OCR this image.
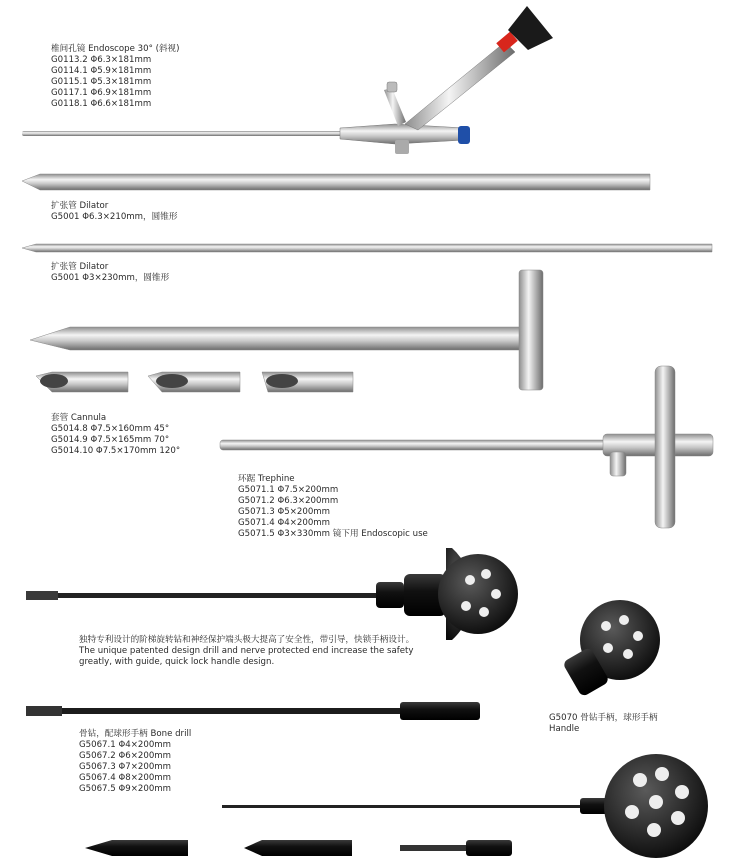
椎间孔镜 Endoscope 30° (斜视)
G0113.2 Φ6.3×181mm
G0114.1 Φ5.9×181mm
G0115.1 Φ5.3×181mm
G0117.1 Φ6.9×181mm
G0118.1 Φ6.6×181mm
扩张管 Dilator
G5001 Φ6.3×210mm，圆锥形
扩张管 Dilator
G5001 Φ3×230mm，圆锥形
套管 Cannula
G5014.8 Φ7.5×160mm 45°
G5014.9 Φ7.5×165mm 70°
G5014.10 Φ7.5×170mm 120°
环踞 Trephine
G5071.1 Φ7.5×200mm
G5071.2 Φ6.3×200mm
G5071.3 Φ5×200mm
G5071.4 Φ4×200mm
G5071.5 Φ3×330mm 镜下用 Endoscopic use
独特专利设计的阶梯旋转钻和神经保护端头极大提高了安全性，带引导，快锁手柄设计。
The unique patented design drill and nerve protected end increase the safety
greatly, with guide, quick lock handle design.
G5070 骨钻手柄，球形手柄
Handle
骨钻，配球形手柄 Bone drill
G5067.1 Φ4×200mm
G5067.2 Φ6×200mm
G5067.3 Φ7×200mm
G5067.4 Φ8×200mm
G5067.5 Φ9×200mm
